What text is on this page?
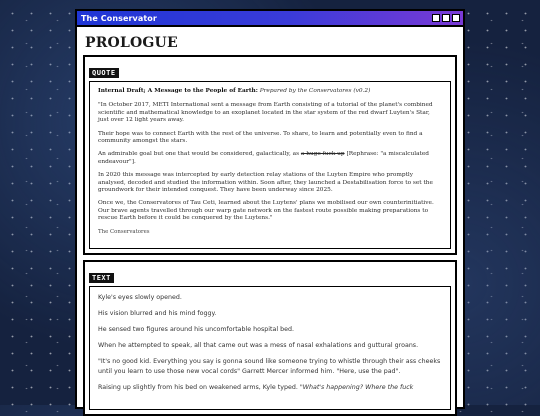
The Conservator
PROLOGUE
QUOTE

Internal Draft; A Message to the People of Earth: Prepared by the Conservatores (v0.2)

"In October 2017, METI International sent a message from Earth consisting of a tutorial of the planet's combined scientific and mathematical knowledge to an exoplanet located in the star system of the red dwarf Luyten's Star, just over 12 light years away.

Their hope was to connect Earth with the rest of the universe. To share, to learn and potentially even to find a community amongst the stars.

An admirable goal but one that would be considered, galactically, as a huge fuck-up [Rephrase: "a miscalculated endeavour"].

In 2020 this message was intercepted by early detection relay stations of the Luyten Empire who promptly analysed, decoded and studied the information within. Soon after, they launched a Destabilisation force to set the groundwork for their intended conquest. They have been underway since 2025.

Once we, the Conservatores of Tau Ceti, learned about the Luytens' plans we mobilised our own counterinitiative. Our brave agents travelled through our warp gate network on the fastest route possible making preparations to rescue Earth before it could be conquered by the Luytens."

The Conservatores

TEXT

Kyle's eyes slowly opened.

His vision blurred and his mind foggy.

He sensed two figures around his uncomfortable hospital bed.

When he attempted to speak, all that came out was a mess of nasal exhalations and guttural groans.

"It's no good kid. Everything you say is gonna sound like someone trying to whistle through their ass cheeks until you learn to use those new vocal cords" Garrett Mercer informed him. "Here, use the pad".

Raising up slightly from his bed on weakened arms, Kyle typed. "What's happening? Where the fuck
